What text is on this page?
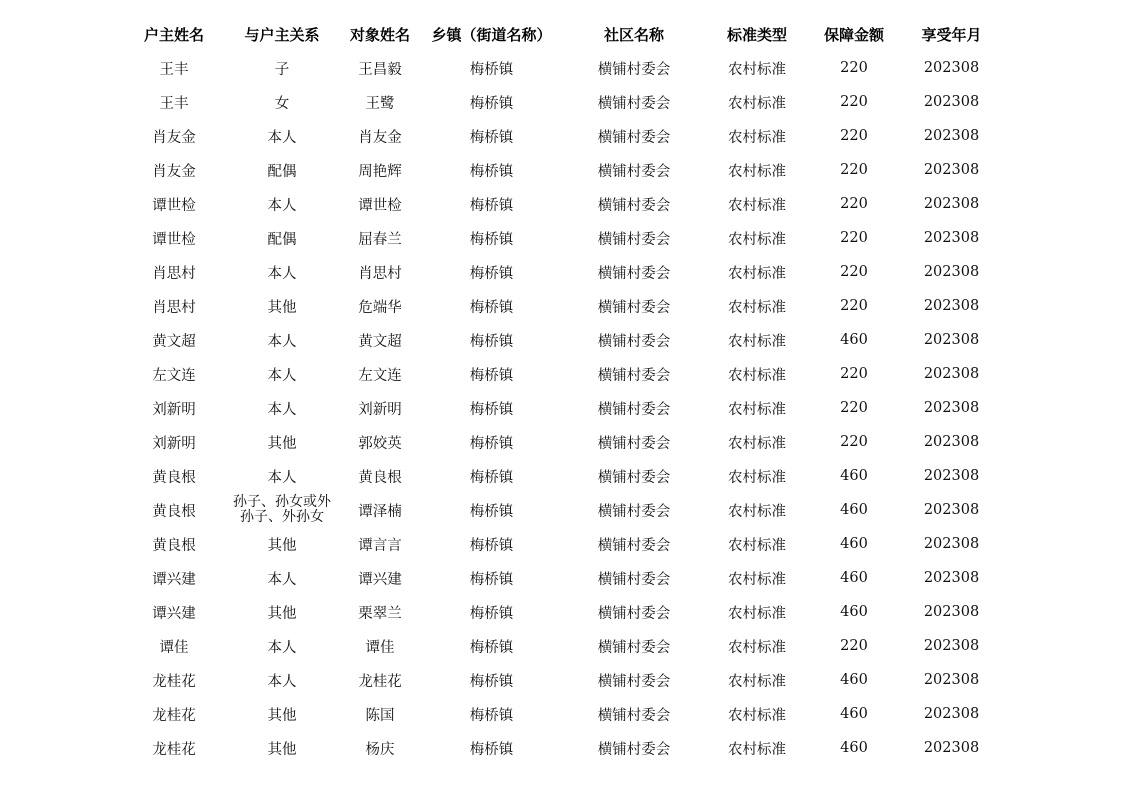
户主姓名	与户主关系	对象姓名	乡镇（街道名称）	社区名称	标准类型	保障金额	享受年月
王丰	子	王昌毅	梅桥镇	横铺村委会	农村标准	220	202308
王丰	女	王鹭	梅桥镇	横铺村委会	农村标准	220	202308
肖友金	本人	肖友金	梅桥镇	横铺村委会	农村标准	220	202308
肖友金	配偶	周艳辉	梅桥镇	横铺村委会	农村标准	220	202308
谭世检	本人	谭世检	梅桥镇	横铺村委会	农村标准	220	202308
谭世检	配偶	屈春兰	梅桥镇	横铺村委会	农村标准	220	202308
肖思村	本人	肖思村	梅桥镇	横铺村委会	农村标准	220	202308
肖思村	其他	危端华	梅桥镇	横铺村委会	农村标准	220	202308
黄文超	本人	黄文超	梅桥镇	横铺村委会	农村标准	460	202308
左文连	本人	左文连	梅桥镇	横铺村委会	农村标准	220	202308
刘新明	本人	刘新明	梅桥镇	横铺村委会	农村标准	220	202308
刘新明	其他	郭姣英	梅桥镇	横铺村委会	农村标准	220	202308
黄良根	本人	黄良根	梅桥镇	横铺村委会	农村标准	460	202308
黄良根	孙子、孙女或外孙子、外孙女	谭泽楠	梅桥镇	横铺村委会	农村标准	460	202308
黄良根	其他	谭言言	梅桥镇	横铺村委会	农村标准	460	202308
谭兴建	本人	谭兴建	梅桥镇	横铺村委会	农村标准	460	202308
谭兴建	其他	栗翠兰	梅桥镇	横铺村委会	农村标准	460	202308
谭佳	本人	谭佳	梅桥镇	横铺村委会	农村标准	220	202308
龙桂花	本人	龙桂花	梅桥镇	横铺村委会	农村标准	460	202308
龙桂花	其他	陈国	梅桥镇	横铺村委会	农村标准	460	202308
龙桂花	其他	杨庆	梅桥镇	横铺村委会	农村标准	460	202308
